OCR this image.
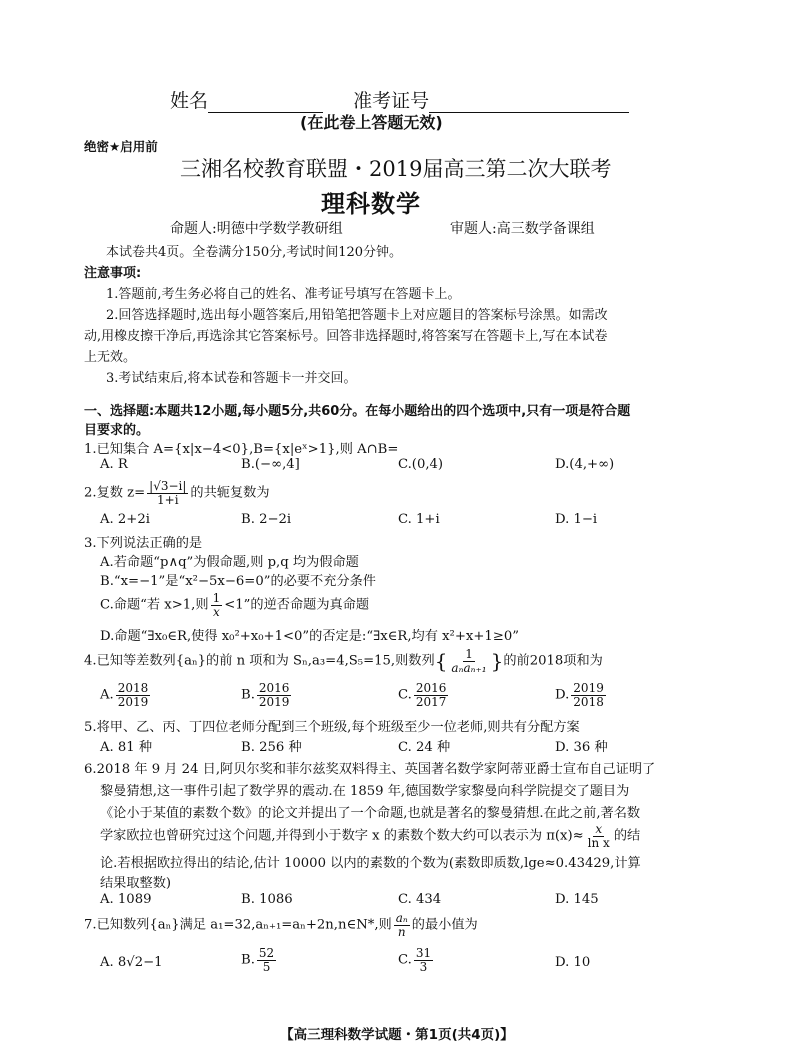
姓名	准考证号
(在此卷上答题无效)
绝密★启用前
三湘名校教育联盟・2019届高三第二次大联考
理科数学
命题人:明德中学数学教研组	审题人:高三数学备课组
本试卷共4页。全卷满分150分,考试时间120分钟。
注意事项:
1.答题前,考生务必将自己的姓名、准考证号填写在答题卡上。
2.回答选择题时,选出每小题答案后,用铅笔把答题卡上对应题目的答案标号涂黑。如需改
动,用橡皮擦干净后,再选涂其它答案标号。回答非选择题时,将答案写在答题卡上,写在本试卷
上无效。
3.考试结束后,将本试卷和答题卡一并交回。
一、选择题:本题共12小题,每小题5分,共60分。在每小题给出的四个选项中,只有一项是符合题
目要求的。
1.已知集合 A={x|x−4<0},B={x|eˣ>1},则 A∩B=
A. R	B.(−∞,4]	C.(0,4)	D.(4,+∞)
2.复数 $z= \frac{|√3-i|}{1+i}$ 的共轭复数为
A. 2+2i	B. 2−2i	C. 1+i	D. 1−i
3.下列说法正确的是
A.若命题“p∧q”为假命题,则 p,q 均为假命题
B.“x=−1”是“x²−5x−6=0”的必要不充分条件
C.命题“若 x>1,则 $\frac{1}{x} <1$”的逆否命题为真命题
D.命题“∃x₀∈R,使得 x₀²+x₀+1<0”的否定是:“∃x∈R,均有 x²+x+1≥0”
4.已知等差数列{aₙ}的前 n 项和为 Sₙ,a₃=4,S₅=15,则数列{ $\frac{1}{\text{aₙaₙ₊₁}}$ }的前2018项和为
A. $\frac{2018}{2019}$	B. $\frac{2016}{2019}$	C. $\frac{2016}{2017}$	D. $\frac{2019}{2018}$
5.将甲、乙、丙、丁四位老师分配到三个班级,每个班级至少一位老师,则共有分配方案
A. 81 种	B. 256 种	C. 24 种	D. 36 种
6.2018 年 9 月 24 日,阿贝尔奖和菲尔兹奖双料得主、英国著名数学家阿蒂亚爵士宣布自己证明了
黎曼猜想,这一事件引起了数学界的震动.在 1859 年,德国数学家黎曼向科学院提交了题目为
《论小于某值的素数个数》的论文并提出了一个命题,也就是著名的黎曼猜想.在此之前,著名数
学家欧拉也曾研究过这个问题,并得到小于数字 x 的素数个数大约可以表示为 $\pi(x)\approx \frac{x}{\text{ln x}}$ 的结
论.若根据欧拉得出的结论,估计 10000 以内的素数的个数为(素数即质数,lge≈0.43429,计算
结果取整数)
A. 1089	B. 1086	C. 434	D. 145
7.已知数列{aₙ}满足 a₁=32,aₙ₊₁=aₙ+2n,n∈N*,则 $\frac{\text{aₙ}}{n}$ 的最小值为
A. 8√2−1	B. $\frac{52}{5}$	C. $\frac{31}{3}$	D. 10
【高三理科数学试题・第1页(共4页)】
